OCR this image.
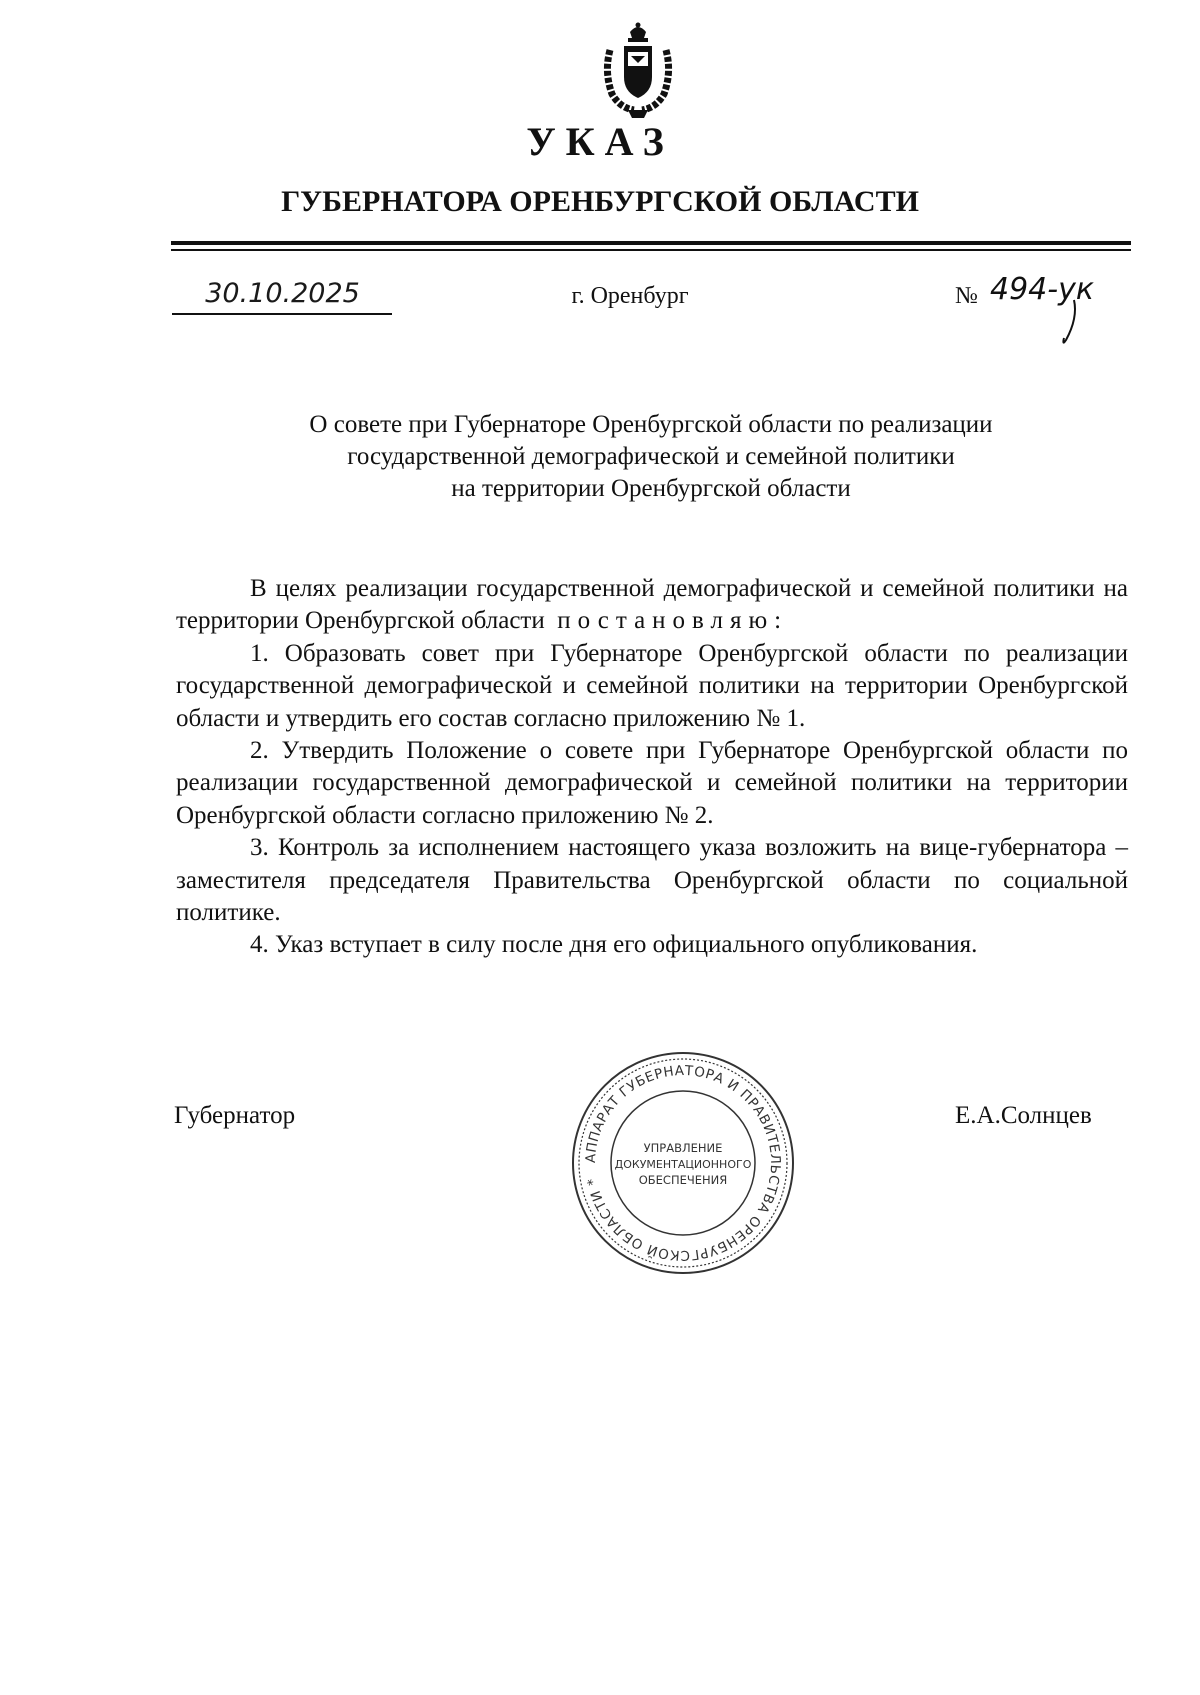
УКАЗ
ГУБЕРНАТОРА ОРЕНБУРГСКОЙ ОБЛАСТИ
30.10.2025	г. Оренбург	№ 494-ук
О совете при Губернаторе Оренбургской области по реализации
государственной демографической и семейной политики
на территории Оренбургской области

В целях реализации государственной демографической и семейной политики на территории Оренбургской области постановляю:

1. Образовать совет при Губернаторе Оренбургской области по реализации государственной демографической и семейной политики на территории Оренбургской области и утвердить его состав согласно приложению № 1.

2. Утвердить Положение о совете при Губернаторе Оренбургской области по реализации государственной демографической и семейной политики на территории Оренбургской области согласно приложению № 2.

3. Контроль за исполнением настоящего указа возложить на вице-губернатора – заместителя председателя Правительства Оренбургской области по социальной политике.

4. Указ вступает в силу после дня его официального опубликования.

Губернатор	Е.А.Солнцев
АППАРАТ ГУБЕРНАТОРА И ПРАВИТЕЛЬСТВА ОРЕНБУРГСКОЙ ОБЛАСТИ *
УПРАВЛЕНИЕ
ДОКУМЕНТАЦИОННОГО
ОБЕСПЕЧЕНИЯ
